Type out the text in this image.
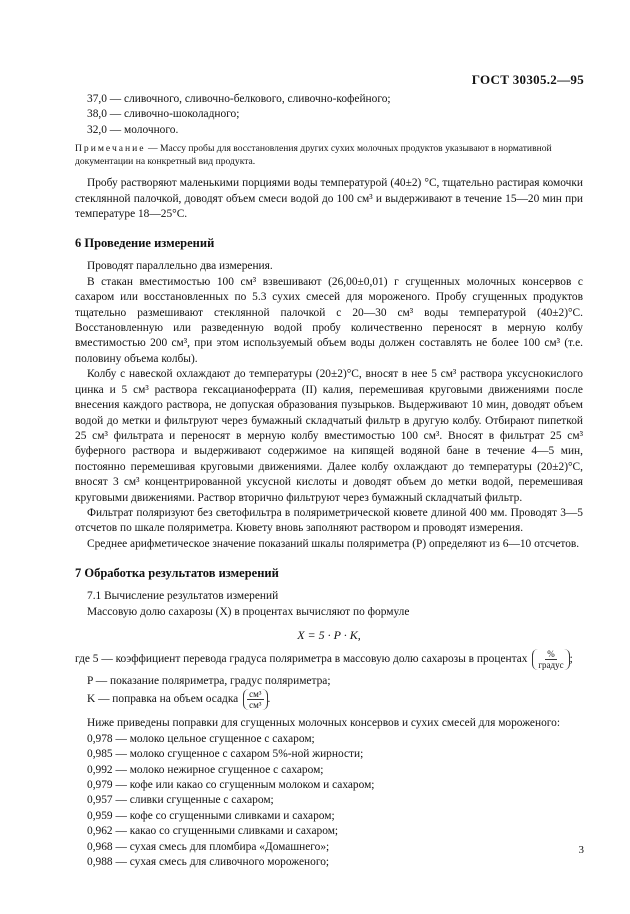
ГОСТ 30305.2—95

37,0 — сливочного, сливочно-белкового, сливочно-кофейного;

38,0 — сливочно-шоколадного;

32,0 — молочного.

Примечание — Массу пробы для восстановления других сухих молочных продуктов указывают в нормативной документации на конкретный вид продукта.

Пробу растворяют маленькими порциями воды температурой (40±2) °С, тщательно растирая комочки стеклянной палочкой, доводят объем смеси водой до 100 см³ и выдерживают в течение 15—20 мин при температуре 18—25°С.

6 Проведение измерений

Проводят параллельно два измерения.

В стакан вместимостью 100 см³ взвешивают (26,00±0,01) г сгущенных молочных консервов с сахаром или восстановленных по 5.3 сухих смесей для мороженого. Пробу сгущенных продуктов тщательно размешивают стеклянной палочкой с 20—30 см³ воды температурой (40±2)°С. Восстановленную или разведенную водой пробу количественно переносят в мерную колбу вместимостью 200 см³, при этом используемый объем воды должен составлять не более 100 см³ (т.е. половину объема колбы).

Колбу с навеской охлаждают до температуры (20±2)°С, вносят в нее 5 см³ раствора уксуснокислого цинка и 5 см³ раствора гексацианоферрата (II) калия, перемешивая круговыми движениями после внесения каждого раствора, не допуская образования пузырьков. Выдерживают 10 мин, доводят объем водой до метки и фильтруют через бумажный складчатый фильтр в другую колбу. Отбирают пипеткой 25 см³ фильтрата и переносят в мерную колбу вместимостью 100 см³. Вносят в фильтрат 25 см³ буферного раствора и выдерживают содержимое на кипящей водяной бане в течение 4—5 мин, постоянно перемешивая круговыми движениями. Далее колбу охлаждают до температуры (20±2)°С, вносят 3 см³ концентрированной уксусной кислоты и доводят объем до метки водой, перемешивая круговыми движениями. Раствор вторично фильтруют через бумажный складчатый фильтр.

Фильтрат поляризуют без светофильтра в поляриметрической кювете длиной 400 мм. Проводят 3—5 отсчетов по шкале поляриметра. Кювету вновь заполняют раствором и проводят измерения.

Среднее арифметическое значение показаний шкалы поляриметра (Р) определяют из 6—10 отсчетов.

7 Обработка результатов измерений

7.1 Вычисление результатов измерений

Массовую долю сахарозы (X) в процентах вычисляют по формуле

X = 5 · P · K,
где 5 — коэффициент перевода градуса поляриметра в массовую долю сахарозы в процентах $\frac{\%}{\text{градус}}$ ;

P — показание поляриметра, градус поляриметра;

K — поправка на объем осадка $\frac{\text{см³}}{\text{см³}}$ .

Ниже приведены поправки для сгущенных молочных консервов и сухих смесей для мороженого:

0,978 — молоко цельное сгущенное с сахаром;

0,985 — молоко сгущенное с сахаром 5%-ной жирности;

0,992 — молоко нежирное сгущенное с сахаром;

0,979 — кофе или какао со сгущенным молоком и сахаром;

0,957 — сливки сгущенные с сахаром;

0,959 — кофе со сгущенными сливками и сахаром;

0,962 — какао со сгущенными сливками и сахаром;

0,968 — сухая смесь для пломбира «Домашнего»;

0,988 — сухая смесь для сливочного мороженого;

3
